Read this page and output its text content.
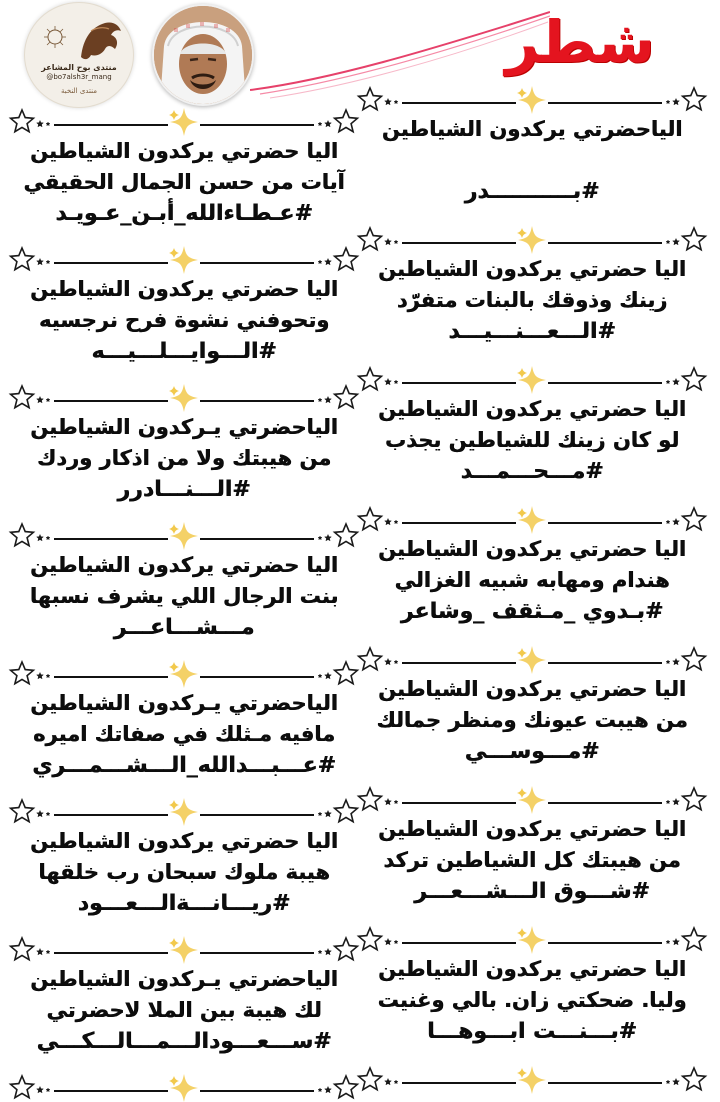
منتدى بوح المشاعر
@bo7alsh3r_mang
منتدى النخبة
شطر
الياحضرتي يركدون الشياطين
#بـــــــــــدر
اليا حضرتي يركدون الشياطين
زينك وذوقك بالبنات متفرّد
#الـــعـــنـــيـــد
اليا حضرتي يركدون الشياطين
لو كان زينك للشياطين يجذب
#مـــحـــمـــد
اليا حضرتي يركدون الشياطين
هندام ومهابه شبيه الغزالي
#بـدوي _مـثقف _وشاعر
اليا حضرتي يركدون الشياطين
من هيبت عيونك ومنظر جمالك
#مـــوســـي
اليا حضرتي يركدون الشياطين
من هيبتك كل الشياطين تركد
#شـــوق الـــشـــعـــر
اليا حضرتي يركدون الشياطين
وليا. ضحكتي زان. بالي وغنيت
#بـــنـــت ابـــوهـــا
اليا حضرتي يركدون الشياطين
آيات من حسن الجمال الحقيقي
#عـطـاءالله_أبـن_عـويـد
اليا حضرتي يركدون الشياطين
وتحوفني نشوة فرح نرجسيه
#الـــوايـــلـــيـــه
الياحضرتي يـركدون الشياطين
من هيبتك ولا من اذكار وردك
#الـــنـــادرر
اليا حضرتي يركدون الشياطين
بنت الرجال اللي يشرف نسبها
مـــشـــاعـــر
الياحضرتي يـركدون الشياطين
مافيه مـثلك في صفاتك اميره
#عـــبـــدالله_الـــشـــمـــري
اليا حضرتي يركدون الشياطين
هيبة ملوك سبحان رب خلقها
#ريـــانـــةالـــعـــود
الياحضرتي يـركدون الشياطين
لك هيبة بين الملا لاحضرتي
#ســـعـــودالـــمـــالـــكـــي
